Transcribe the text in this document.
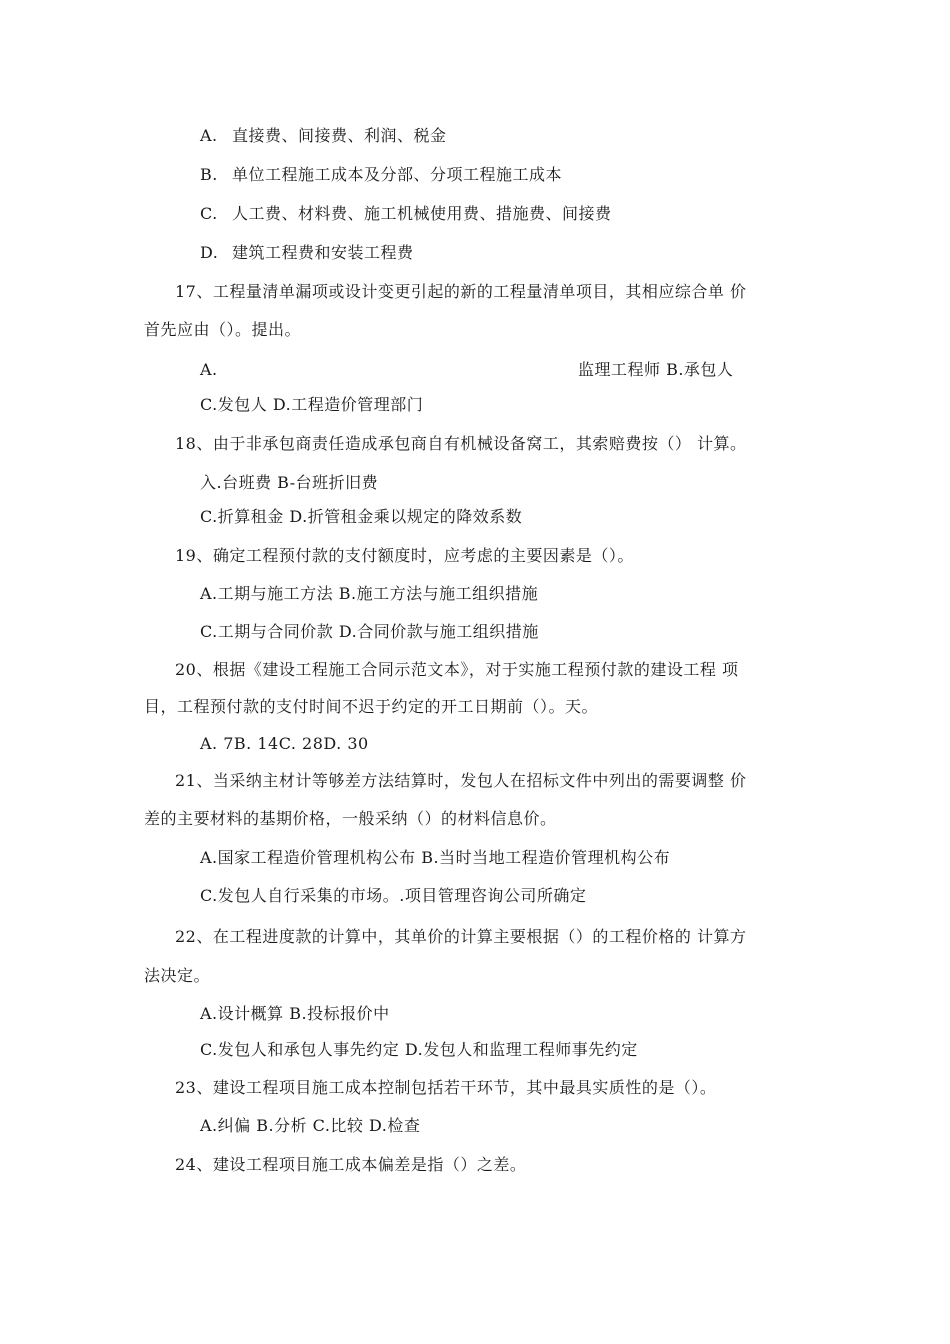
A. 直接费、间接费、利润、税金
B. 单位工程施工成本及分部、分项工程施工成本
C. 人工费、材料费、施工机械使用费、措施费、间接费
D. 建筑工程费和安装工程费
17、工程量清单漏项或设计变更引起的新的工程量清单项目，其相应综合单 价
首先应由（）。提出。
A.	监理工程师 B.承包人
C.发包人 D.工程造价管理部门
18、由于非承包商责任造成承包商自有机械设备窝工，其索赔费按（） 计算。
入.台班费 B-台班折旧费
C.折算租金 D.折管租金乘以规定的降效系数
19、确定工程预付款的支付额度时，应考虑的主要因素是（）。
A.工期与施工方法 B.施工方法与施工组织措施
C.工期与合同价款 D.合同价款与施工组织措施
20、根据《建设工程施工合同示范文本》，对于实施工程预付款的建设工程 项
目，工程预付款的支付时间不迟于约定的开工日期前（）。天。
A. 7B. 14C. 28D. 30
21、当采纳主材计等够差方法结算时，发包人在招标文件中列出的需要调整 价
差的主要材料的基期价格，一般采纳（）的材料信息价。
A.国家工程造价管理机构公布 B.当时当地工程造价管理机构公布
C.发包人自行采集的市场。.项目管理咨询公司所确定
22、在工程进度款的计算中，其单价的计算主要根据（）的工程价格的 计算方
法决定。
A.设计概算 B.投标报价中
C.发包人和承包人事先约定 D.发包人和监理工程师事先约定
23、建设工程项目施工成本控制包括若干环节，其中最具实质性的是（）。
A.纠偏 B.分析 C.比较 D.检查
24、建设工程项目施工成本偏差是指（）之差。
